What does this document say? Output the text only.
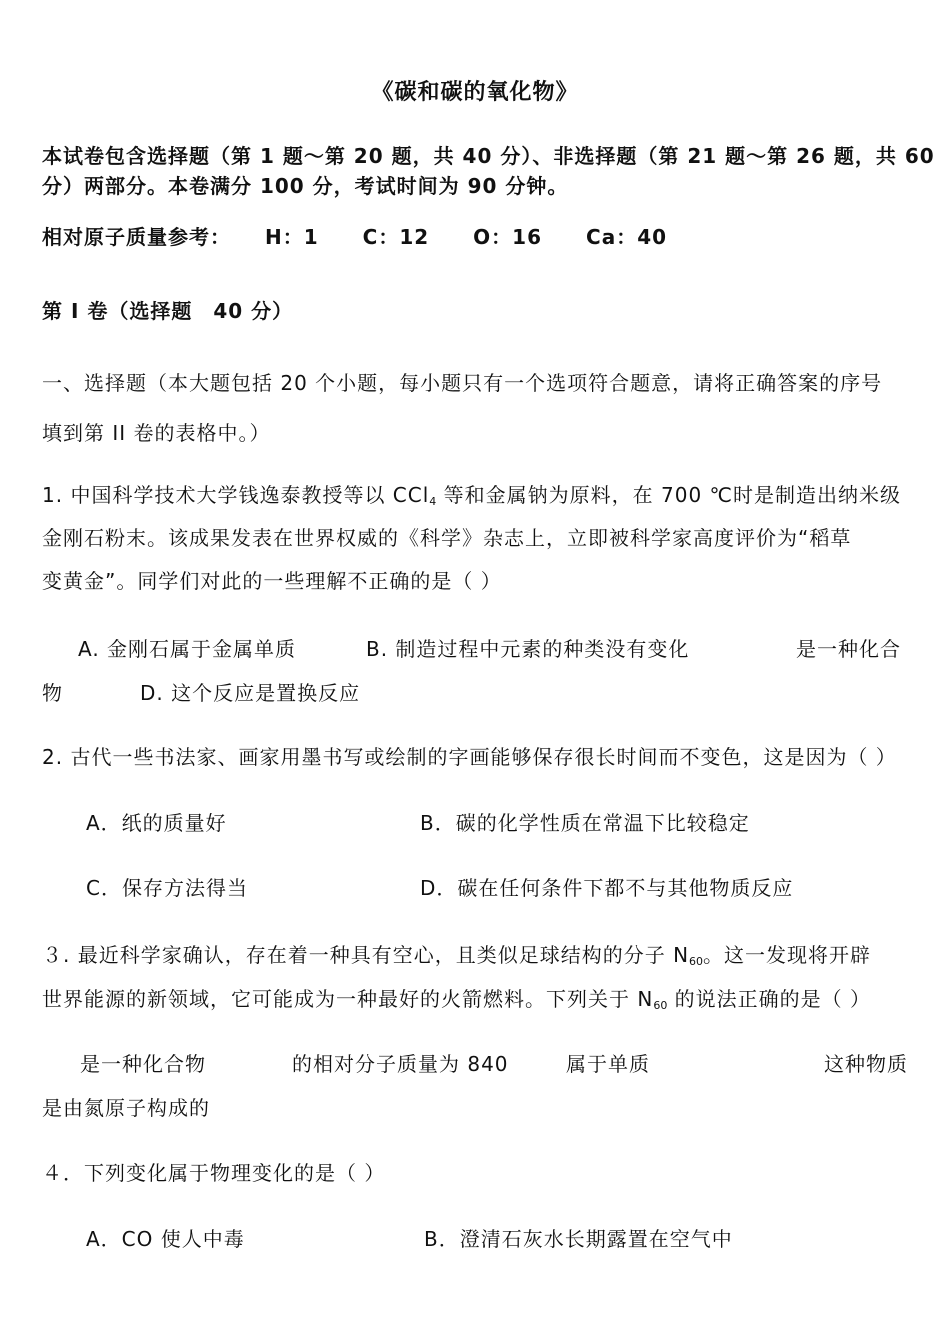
《碳和碳的氧化物》
本试卷包含选择题（第 1 题～第 20 题，共 40 分）、非选择题（第 21 题～第 26 题，共 60
分）两部分。本卷满分 100 分，考试时间为 90 分钟。
相对原子质量参考： H：1 C：12 O：16 Ca：40
第 I 卷（选择题　40 分）
一、选择题（本大题包括 20 个小题，每小题只有一个选项符合题意，请将正确答案的序号
填到第 II 卷的表格中。）
1. 中国科学技术大学钱逸泰教授等以 CCl$_4$ 等和金属钠为原料，在 700 ℃时是制造出纳米级
金刚石粉末。该成果发表在世界权威的《科学》杂志上，立即被科学家高度评价为“稻草
变黄金”。同学们对此的一些理解不正确的是（ ）
A. 金刚石属于金属单质	B. 制造过程中元素的种类没有变化	是一种化合
物	D. 这个反应是置换反应
2. 古代一些书法家、画家用墨书写或绘制的字画能够保存很长时间而不变色，这是因为（ ）
A．纸的质量好	B．碳的化学性质在常温下比较稳定
C．保存方法得当	D．碳在任何条件下都不与其他物质反应
３. 最近科学家确认，存在着一种具有空心，且类似足球结构的分子 $N_{60}$。这一发现将开辟
世界能源的新领域，它可能成为一种最好的火箭燃料。下列关于 $N_{60}$ 的说法正确的是（ ）
是一种化合物	的相对分子质量为 840	属于单质	这种物质
是由氮原子构成的
４．下列变化属于物理变化的是（ ）
A．CO 使人中毒	B．澄清石灰水长期露置在空气中
